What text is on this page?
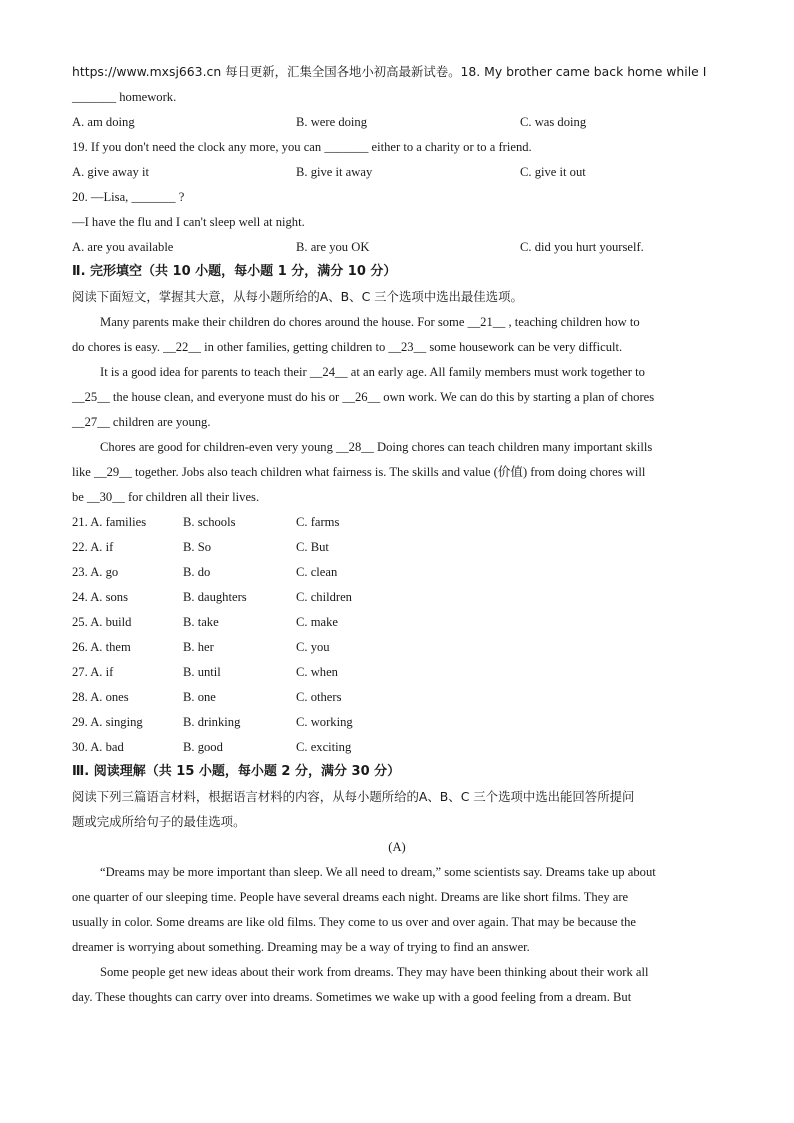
https://www.mxsj663.cn 每日更新，汇集全国各地小初高最新试卷。18. My brother came back home while I
_______ homework.
A. am doing	B. were doing	C. was doing
19. If you don't need the clock any more, you can _______ either to a charity or to a friend.
A. give away it	B. give it away	C. give it out
20. —Lisa, _______ ?
—I have the flu and I can't sleep well at night.
A. are you available	B. are you OK	C. did you hurt yourself.
Ⅱ. 完形填空（共 10 小题，每小题 1 分，满分 10 分）
阅读下面短文，掌握其大意，从每小题所给的A、B、C 三个选项中选出最佳选项。
Many parents make their children do chores around the house. For some __21__ , teaching children how to
do chores is easy. __22__ in other families, getting children to __23__ some housework can be very difficult.
It is a good idea for parents to teach their __24__ at an early age. All family members must work together to
__25__ the house clean, and everyone must do his or __26__ own work. We can do this by starting a plan of chores
__27__ children are young.
Chores are good for children-even very young __28__ Doing chores can teach children many important skills
like __29__ together. Jobs also teach children what fairness is. The skills and value (价值) from doing chores will
be __30__ for children all their lives.
21. A. families	B. schools	C. farms
22. A. if	B. So	C. But
23. A. go	B. do	C. clean
24. A. sons	B. daughters	C. children
25. A. build	B. take	C. make
26. A. them	B. her	C. you
27. A. if	B. until	C. when
28. A. ones	B. one	C. others
29. A. singing	B. drinking	C. working
30. A. bad	B. good	C. exciting
Ⅲ. 阅读理解（共 15 小题，每小题 2 分，满分 30 分）
阅读下列三篇语言材料，根据语言材料的内容，从每小题所给的A、B、C 三个选项中选出能回答所提问
题或完成所给句子的最佳选项。
(A)
“Dreams may be more important than sleep. We all need to dream,” some scientists say. Dreams take up about
one quarter of our sleeping time. People have several dreams each night. Dreams are like short films. They are
usually in color. Some dreams are like old films. They come to us over and over again. That may be because the
dreamer is worrying about something. Dreaming may be a way of trying to find an answer.
Some people get new ideas about their work from dreams. They may have been thinking about their work all
day. These thoughts can carry over into dreams. Sometimes we wake up with a good feeling from a dream. But
